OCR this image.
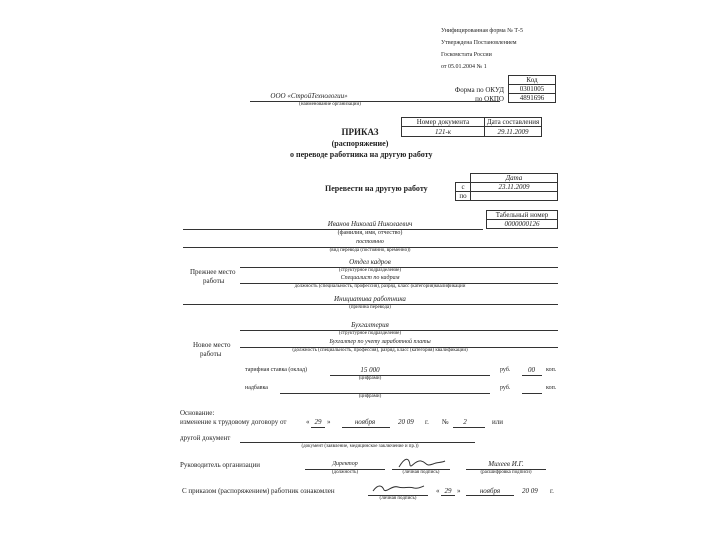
Унифицированная форма № Т-5
Утверждена Постановлением
Госкомстата России
от 05.01.2004 № 1
Код
Форма по ОКУД	0301005
по ОКПО	4891696
ООО «СтройТехнологии»
(наименование организации)
Номер документа	Дата составления
121-к	29.11.2009
ПРИКАЗ
(распоряжение)
о переводе работника на другую работу
Перевести на другую работу
Дата
с	23.11.2009
по
Табельный номер
0000000126
Иванов Николай Николаевич
(фамилия, имя, отчество)
постоянно
(вид перевода (постоянно, временно))
Прежнее место
работы
Отдел кадров
(структурное подразделение)
Специалист по кадрам
должность (специальность, профессия), разряд, класс (категория)квалификации
Инициатива работника
(причина перевода)
Новое место
работы
Бухгалтерия
(структурное подразделение)
Бухгалтер по учету заработной платы
(должность (специальность, профессия), разряд, класс (категория) квалификации)
тарифная ставка (оклад)	15 000
(цифрами)
руб.	00 коп.
надбавка	руб.	коп.
(цифрами)
Основание:
изменение к трудовому договору от	« 29 »	ноября	20 09 г. №	2	или
другой документ
(документ (заявление, медицинское заключение и пр.))
Руководитель организации	Директор
(должность)	(личная подпись)
Михеев И.Г.
(расшифровка подписи)
С приказом (распоряжением) работник ознакомлен
(личная подпись)
« 29 »	ноября	20 09 г.
